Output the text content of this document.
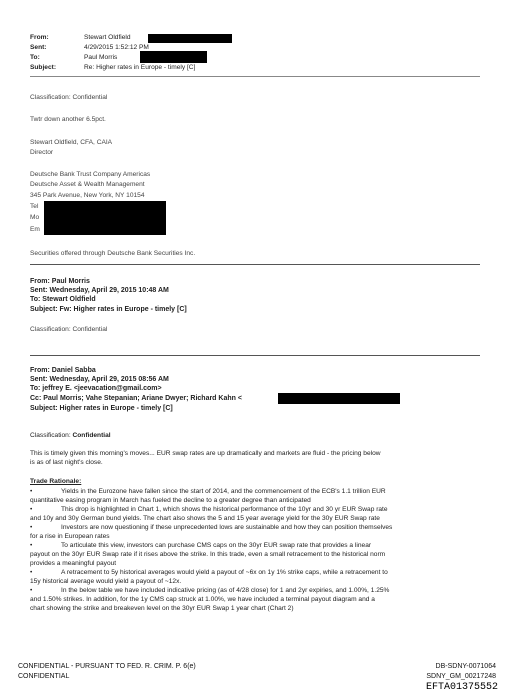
From:	Stewart Oldfield
Sent:	4/29/2015 1:52:12 PM
To:	Paul Morris
Subject:	Re: Higher rates in Europe - timely [C]
Classification: Confidential
Twtr down another 6.5pct.
Stewart Oldfield, CFA, CAIA
Director
Deutsche Bank Trust Company Americas
Deutsche Asset & Wealth Management
345 Park Avenue, New York, NY 10154
Tel
Mo
Em
Securities offered through Deutsche Bank Securities Inc.
From: Paul Morris
Sent: Wednesday, April 29, 2015 10:48 AM
To: Stewart Oldfield
Subject: Fw: Higher rates in Europe - timely [C]
Classification: Confidential
From: Daniel Sabba
Sent: Wednesday, April 29, 2015 08:56 AM
To: jeffrey E. <jeevacation@gmail.com>
Cc: Paul Morris; Vahe Stepanian; Ariane Dwyer; Richard Kahn <
Subject: Higher rates in Europe - timely [C]
Classification: Confidential
This is timely given this morning's moves... EUR swap rates are up dramatically and markets are fluid - the pricing below
is as of last night's close.
Trade Rationale:
•	Yields in the Eurozone have fallen since the start of 2014, and the commencement of the ECB's 1.1 trillion EUR
quantitative easing program in March has fueled the decline to a greater degree than anticipated
•	This drop is highlighted in Chart 1, which shows the historical performance of the 10yr and 30 yr EUR Swap rate
and 10y and 30y German bund yields. The chart also shows the 5 and 15 year average yield for the 30y EUR Swap rate
•	Investors are now questioning if these unprecedented lows are sustainable and how they can position themselves
for a rise in European rates
•	To articulate this view, investors can purchase CMS caps on the 30yr EUR swap rate that provides a linear
payout on the 30yr EUR Swap rate if it rises above the strike. In this trade, even a small retracement to the historical norm
provides a meaningful payout
•	A retracement to 5y historical averages would yield a payout of ~6x on 1y 1% strike caps, while a retracement to
15y historical average would yield a payout of ~12x.
•	In the below table we have included indicative pricing (as of 4/28 close) for 1 and 2yr expiries, and 1.00%, 1.25%
and 1.50% strikes. In addition, for the 1y CMS cap struck at 1.00%, we have included a terminal payout diagram and a
chart showing the strike and breakeven level on the 30yr EUR Swap 1 year chart (Chart 2)
CONFIDENTIAL - PURSUANT TO FED. R. CRIM. P. 6(e)
CONFIDENTIAL
DB-SDNY-0071064
SDNY_GM_00217248
EFTA01375552
